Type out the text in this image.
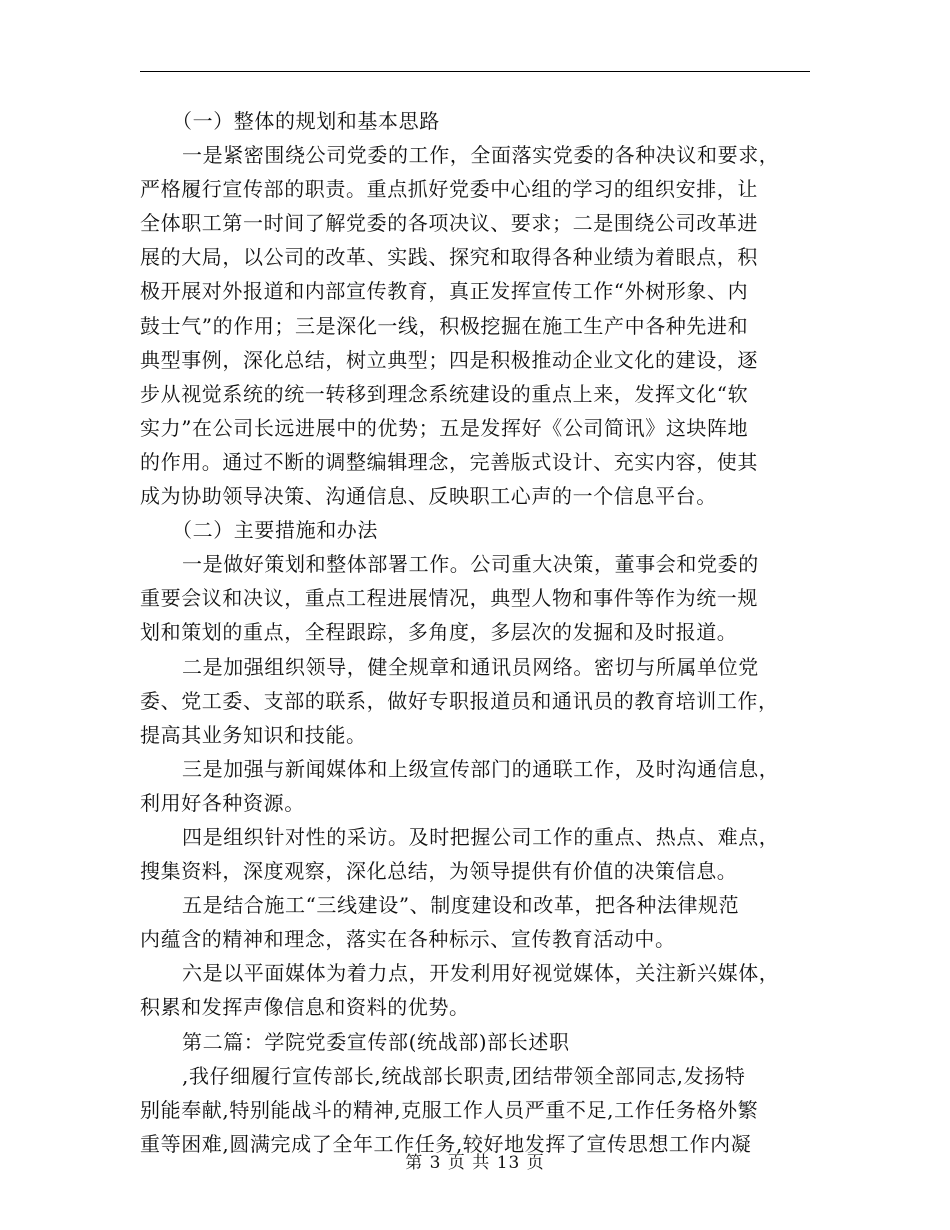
（一）整体的规划和基本思路
一是紧密围绕公司党委的工作，全面落实党委的各种决议和要求，
严格履行宣传部的职责。重点抓好党委中心组的学习的组织安排，让
全体职工第一时间了解党委的各项决议、要求；二是围绕公司改革进
展的大局，以公司的改革、实践、探究和取得各种业绩为着眼点，积
极开展对外报道和内部宣传教育，真正发挥宣传工作“外树形象、内
鼓士气”的作用；三是深化一线，积极挖掘在施工生产中各种先进和
典型事例，深化总结，树立典型；四是积极推动企业文化的建设，逐
步从视觉系统的统一转移到理念系统建设的重点上来，发挥文化“软
实力”在公司长远进展中的优势；五是发挥好《公司简讯》这块阵地
的作用。通过不断的调整编辑理念，完善版式设计、充实内容，使其
成为协助领导决策、沟通信息、反映职工心声的一个信息平台。
（二）主要措施和办法
一是做好策划和整体部署工作。公司重大决策，董事会和党委的
重要会议和决议，重点工程进展情况，典型人物和事件等作为统一规
划和策划的重点，全程跟踪，多角度，多层次的发掘和及时报道。
二是加强组织领导，健全规章和通讯员网络。密切与所属单位党
委、党工委、支部的联系，做好专职报道员和通讯员的教育培训工作，
提高其业务知识和技能。
三是加强与新闻媒体和上级宣传部门的通联工作，及时沟通信息，
利用好各种资源。
四是组织针对性的采访。及时把握公司工作的重点、热点、难点，
搜集资料，深度观察，深化总结，为领导提供有价值的决策信息。
五是结合施工“三线建设”、制度建设和改革，把各种法律规范
内蕴含的精神和理念，落实在各种标示、宣传教育活动中。
六是以平面媒体为着力点，开发利用好视觉媒体，关注新兴媒体，
积累和发挥声像信息和资料的优势。
第二篇：学院党委宣传部(统战部)部长述职
,我仔细履行宣传部长,统战部长职责,团结带领全部同志,发扬特
别能奉献,特别能战斗的精神,克服工作人员严重不足,工作任务格外繁
重等困难,圆满完成了全年工作任务,较好地发挥了宣传思想工作内凝
第 3 页 共 13 页
